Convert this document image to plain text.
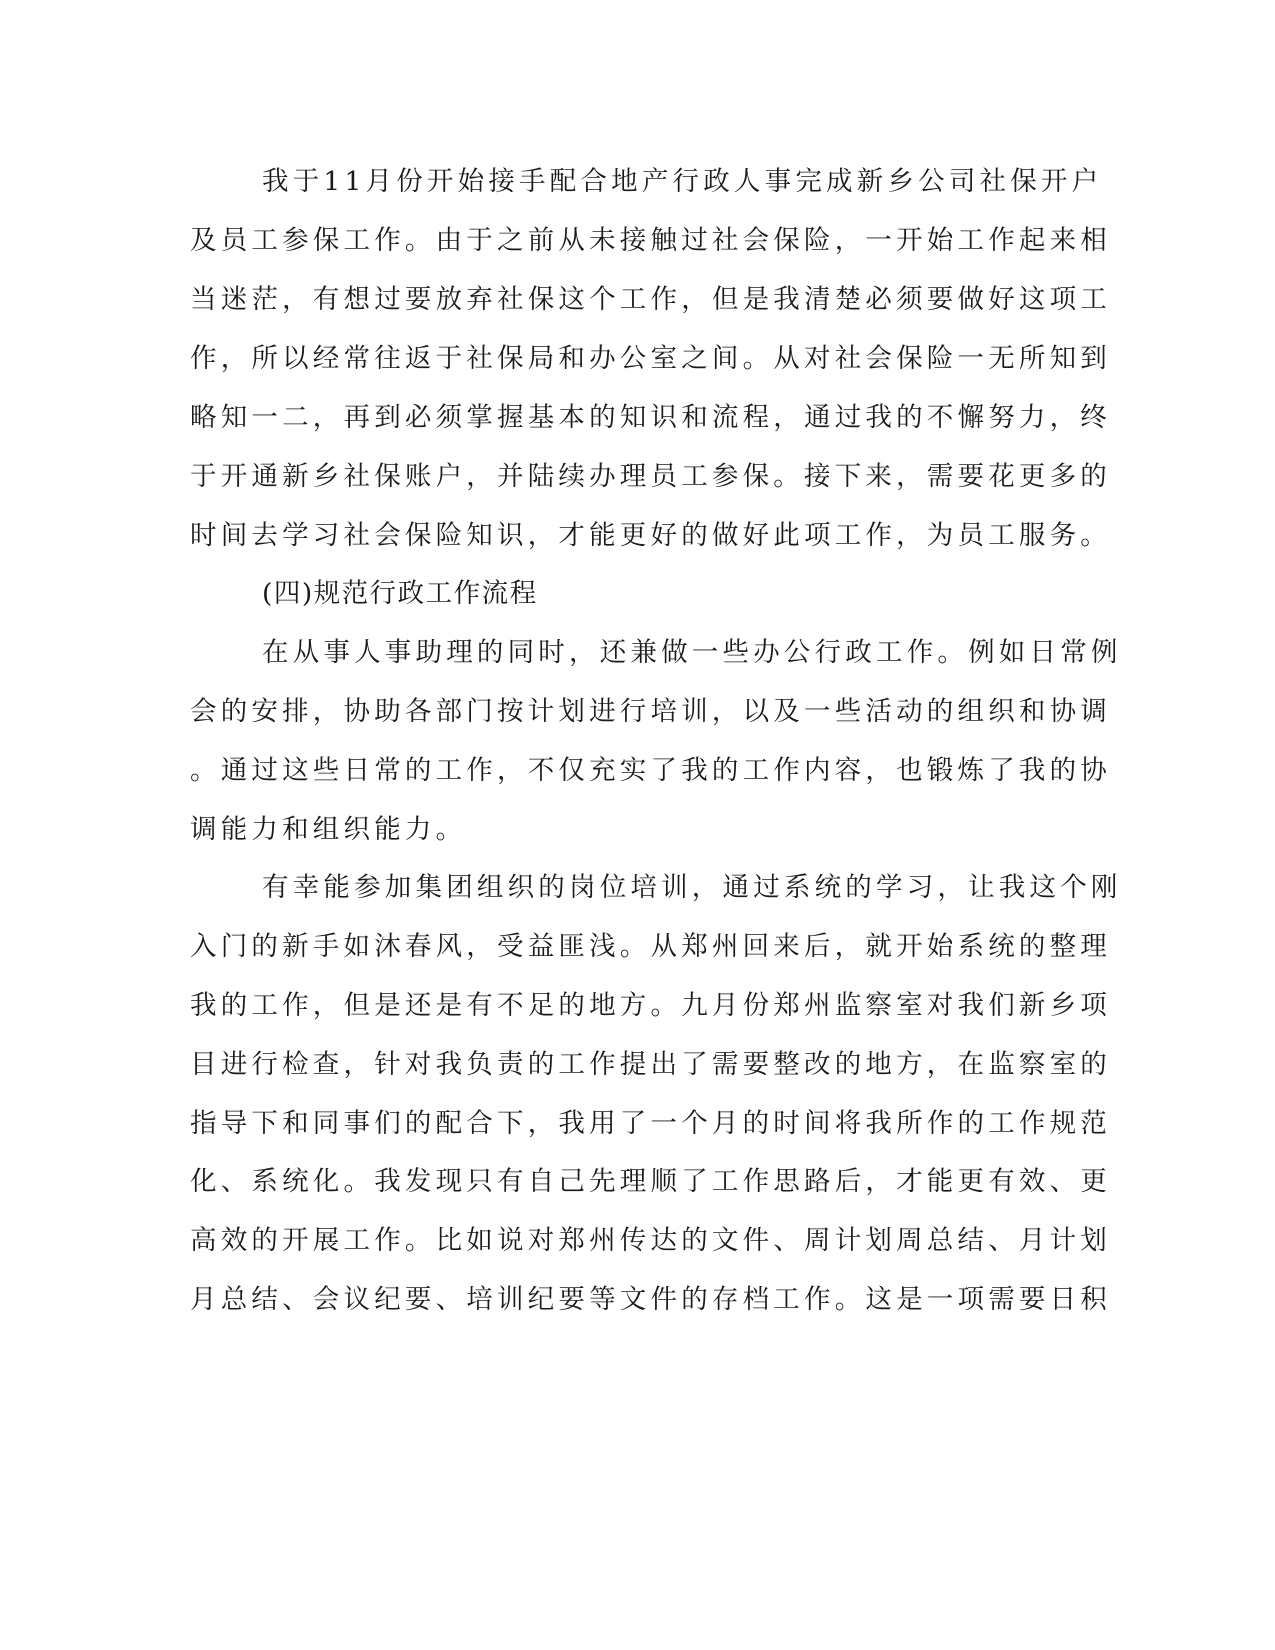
我于11月份开始接手配合地产行政人事完成新乡公司社保开户
及员工参保工作。由于之前从未接触过社会保险，一开始工作起来相
当迷茫，有想过要放弃社保这个工作，但是我清楚必须要做好这项工
作，所以经常往返于社保局和办公室之间。从对社会保险一无所知到
略知一二，再到必须掌握基本的知识和流程，通过我的不懈努力，终
于开通新乡社保账户，并陆续办理员工参保。接下来，需要花更多的
时间去学习社会保险知识，才能更好的做好此项工作，为员工服务。
(四)规范行政工作流程
在从事人事助理的同时，还兼做一些办公行政工作。例如日常例
会的安排，协助各部门按计划进行培训，以及一些活动的组织和协调
。通过这些日常的工作，不仅充实了我的工作内容，也锻炼了我的协
调能力和组织能力。
有幸能参加集团组织的岗位培训，通过系统的学习，让我这个刚
入门的新手如沐春风，受益匪浅。从郑州回来后，就开始系统的整理
我的工作，但是还是有不足的地方。九月份郑州监察室对我们新乡项
目进行检查，针对我负责的工作提出了需要整改的地方，在监察室的
指导下和同事们的配合下，我用了一个月的时间将我所作的工作规范
化、系统化。我发现只有自己先理顺了工作思路后，才能更有效、更
高效的开展工作。比如说对郑州传达的文件、周计划周总结、月计划
月总结、会议纪要、培训纪要等文件的存档工作。这是一项需要日积
